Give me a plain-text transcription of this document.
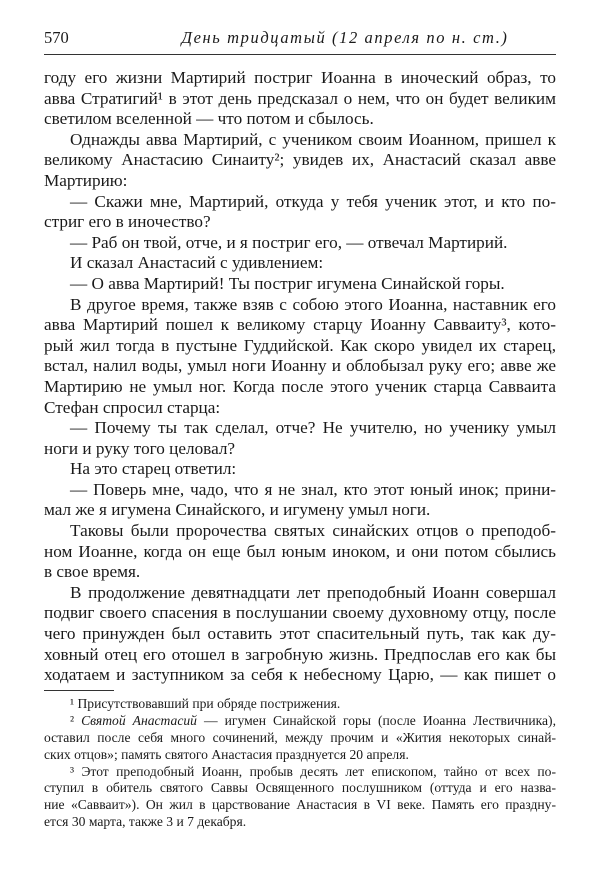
570	День тридцатый (12 апреля по н. ст.)
году его жизни Мартирий постриг Иоанна в иноческий образ, то
авва Стратигий¹ в этот день предсказал о нем, что он будет великим
светилом вселенной — что потом и сбылось.
Однажды авва Мартирий, с учеником своим Иоанном, пришел к
великому Анастасию Синаиту²; увидев их, Анастасий сказал авве
Мартирию:
— Скажи мне, Мартирий, откуда у тебя ученик этот, и кто по-
стриг его в иночество?
— Раб он твой, отче, и я постриг его, — отвечал Мартирий.
И сказал Анастасий с удивлением:
— О авва Мартирий! Ты постриг игумена Синайской горы.
В другое время, также взяв с собою этого Иоанна, наставник его
авва Мартирий пошел к великому старцу Иоанну Савваиту³, кото-
рый жил тогда в пустыне Гуддийской. Как скоро увидел их старец,
встал, налил воды, умыл ноги Иоанну и облобызал руку его; авве же
Мартирию не умыл ног. Когда после этого ученик старца Савваита
Стефан спросил старца:
— Почему ты так сделал, отче? Не учителю, но ученику умыл
ноги и руку того целовал?
На это старец ответил:
— Поверь мне, чадо, что я не знал, кто этот юный инок; прини-
мал же я игумена Синайского, и игумену умыл ноги.
Таковы были пророчества святых синайских отцов о преподоб-
ном Иоанне, когда он еще был юным иноком, и они потом сбылись
в свое время.
В продолжение девятнадцати лет преподобный Иоанн совершал
подвиг своего спасения в послушании своему духовному отцу, после
чего принужден был оставить этот спасительный путь, так как ду-
ховный отец его отошел в загробную жизнь. Предпослав его как бы
ходатаем и заступником за себя к небесному Царю, — как пишет о
¹ Присутствовавший при обряде пострижения.
² Святой Анастасий — игумен Синайской горы (после Иоанна Лествичника),
оставил после себя много сочинений, между прочим и «Жития некоторых синай-
ских отцов»; память святого Анастасия празднуется 20 апреля.
³ Этот преподобный Иоанн, пробыв десять лет епископом, тайно от всех по-
ступил в обитель святого Саввы Освященного послушником (оттуда и его назва-
ние «Савваит»). Он жил в царствование Анастасия в VI веке. Память его праздну-
ется 30 марта, также 3 и 7 декабря.
